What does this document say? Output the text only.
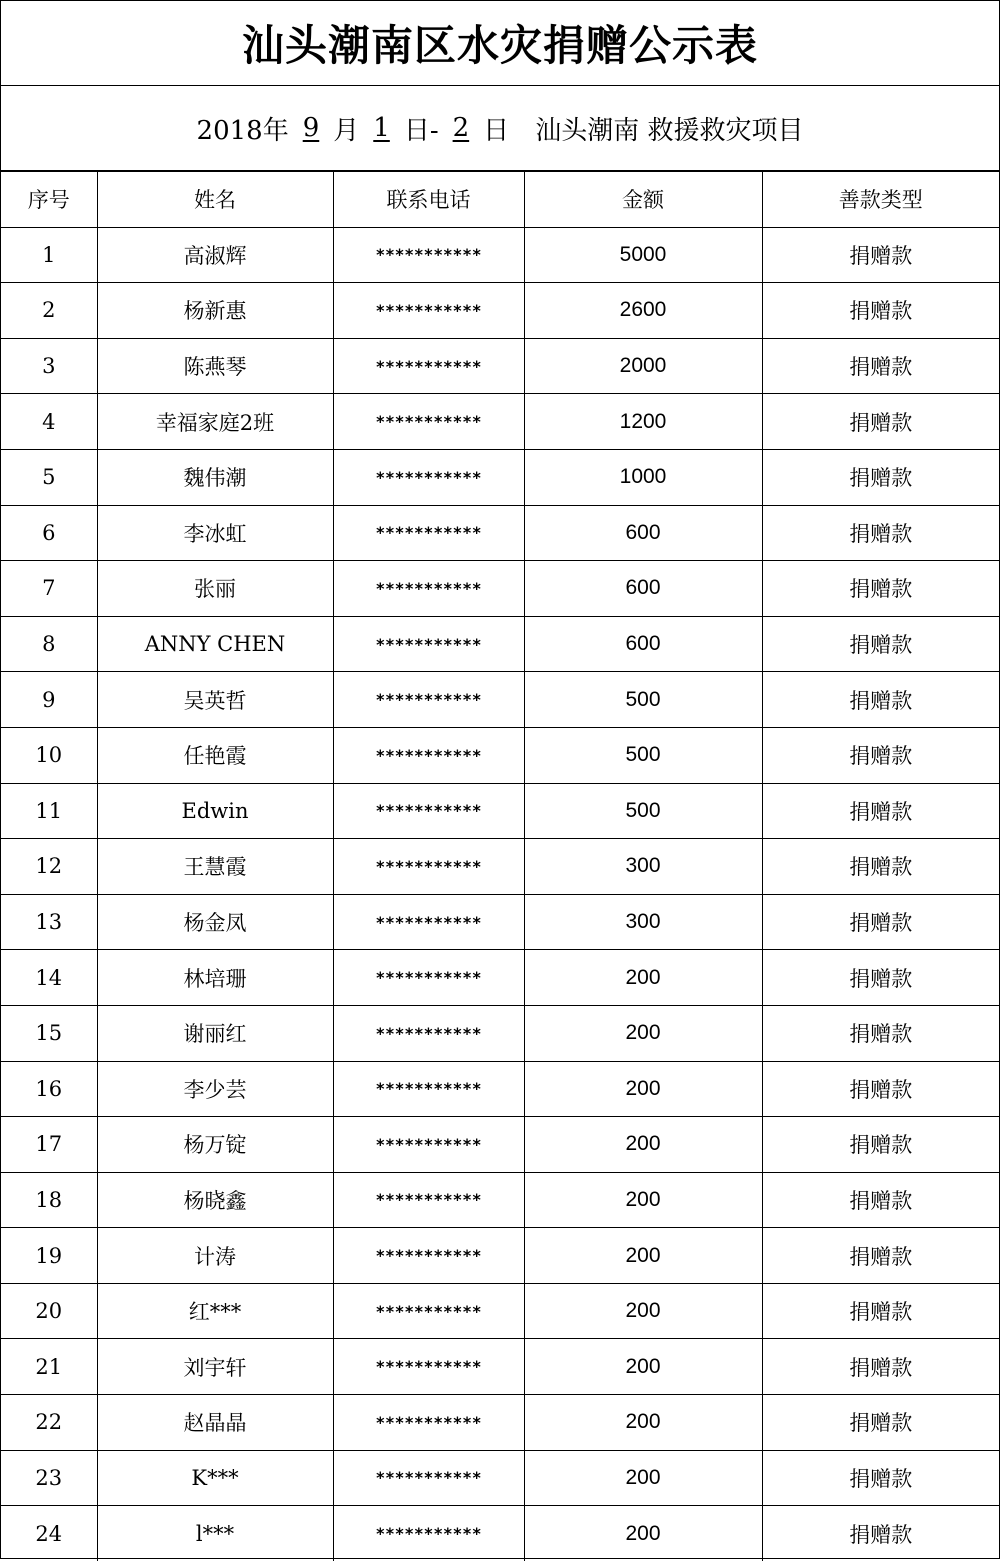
汕头潮南区水灾捐赠公示表
2018年 9 月 1 日- 2 日
　 汕头潮南 救援救灾项目
序号	姓名	联系电话	金额	善款类型
1	高淑辉	***********	5000	捐赠款
2	杨新惠	***********	2600	捐赠款
3	陈燕琴	***********	2000	捐赠款
4	幸福家庭2班	***********	1200	捐赠款
5	魏伟潮	***********	1000	捐赠款
6	李冰虹	***********	600	捐赠款
7	张丽	***********	600	捐赠款
8	ANNY CHEN	***********	600	捐赠款
9	吴英哲	***********	500	捐赠款
10	任艳霞	***********	500	捐赠款
11	Edwin	***********	500	捐赠款
12	王慧霞	***********	300	捐赠款
13	杨金凤	***********	300	捐赠款
14	林培珊	***********	200	捐赠款
15	谢丽红	***********	200	捐赠款
16	李少芸	***********	200	捐赠款
17	杨万锭	***********	200	捐赠款
18	杨晓鑫	***********	200	捐赠款
19	计涛	***********	200	捐赠款
20	红***	***********	200	捐赠款
21	刘宇轩	***********	200	捐赠款
22	赵晶晶	***********	200	捐赠款
23	K***	***********	200	捐赠款
24	l***	***********	200	捐赠款
